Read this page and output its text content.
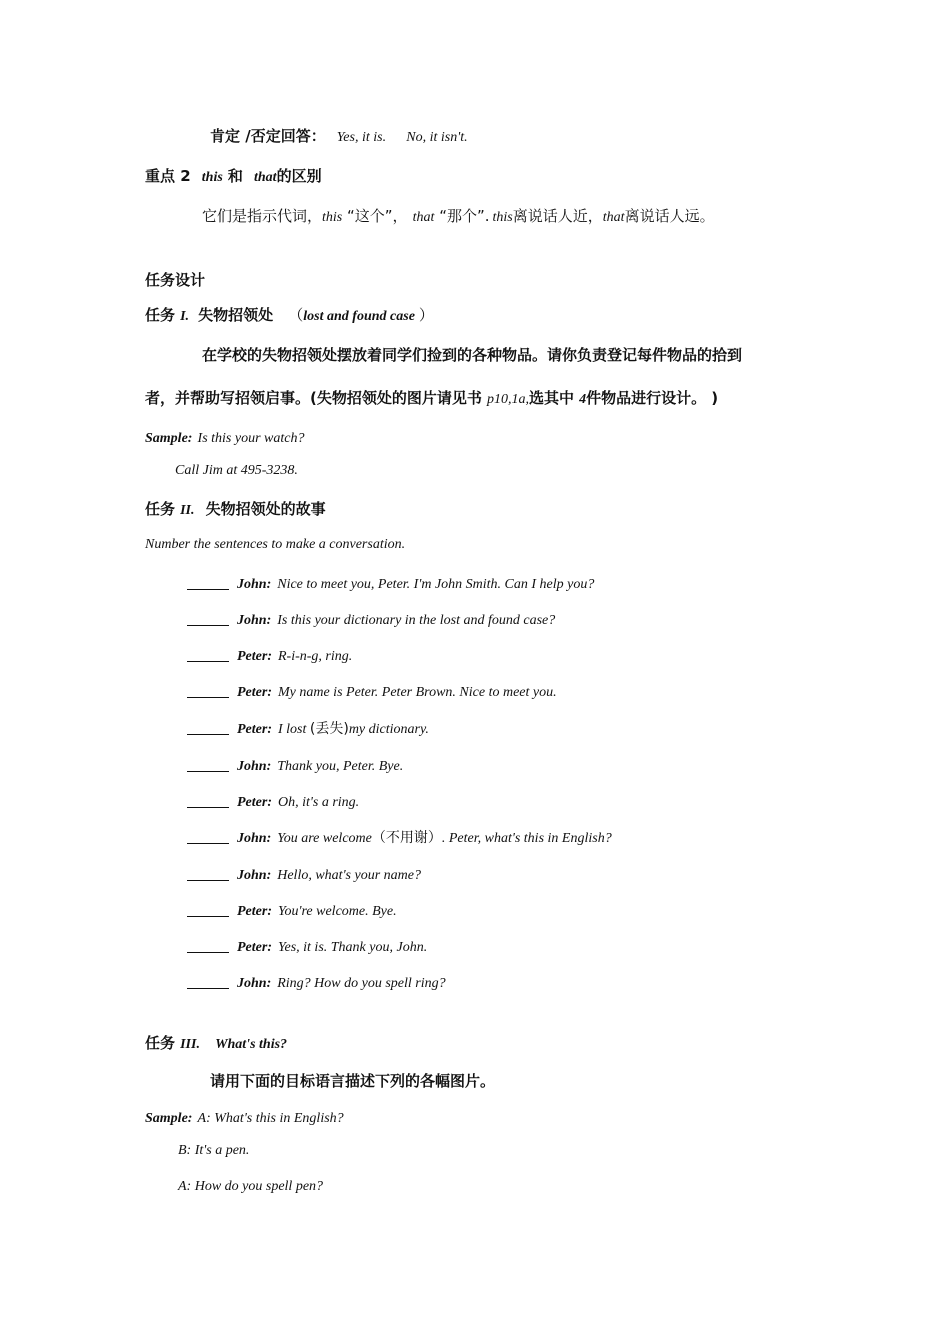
肯定 /否定回答： Yes, it is. No, it isn't.
重点 2 this 和 that的区别
它们是指示代词，this “这个”， that “那个”. this离说话人近，that离说话人远。
任务设计
任务 I. 失物招领处 （lost and found case ）
在学校的失物招领处摆放着同学们捡到的各种物品。请你负责登记每件物品的拾到
者，并帮助写招领启事。(失物招领处的图片请见书 p10,1a,选其中 4件物品进行设计。 )
Sample: Is this your watch?
Call Jim at 495-3238.
任务 II. 失物招领处的故事
Number the sentences to make a conversation.
John: Nice to meet you, Peter. I'm John Smith. Can I help you?
John: Is this your dictionary in the lost and found case?
Peter: R-i-n-g, ring.
Peter: My name is Peter. Peter Brown. Nice to meet you.
Peter: I lost (丢失)my dictionary.
John: Thank you, Peter. Bye.
Peter: Oh, it's a ring.
John: You are welcome（不用谢）. Peter, what's this in English?
John: Hello, what's your name?
Peter: You're welcome. Bye.
Peter: Yes, it is. Thank you, John.
John: Ring? How do you spell ring?
任务 III. What's this?
请用下面的目标语言描述下列的各幅图片。
Sample: A: What's this in English?
B: It's a pen.
A: How do you spell pen?
